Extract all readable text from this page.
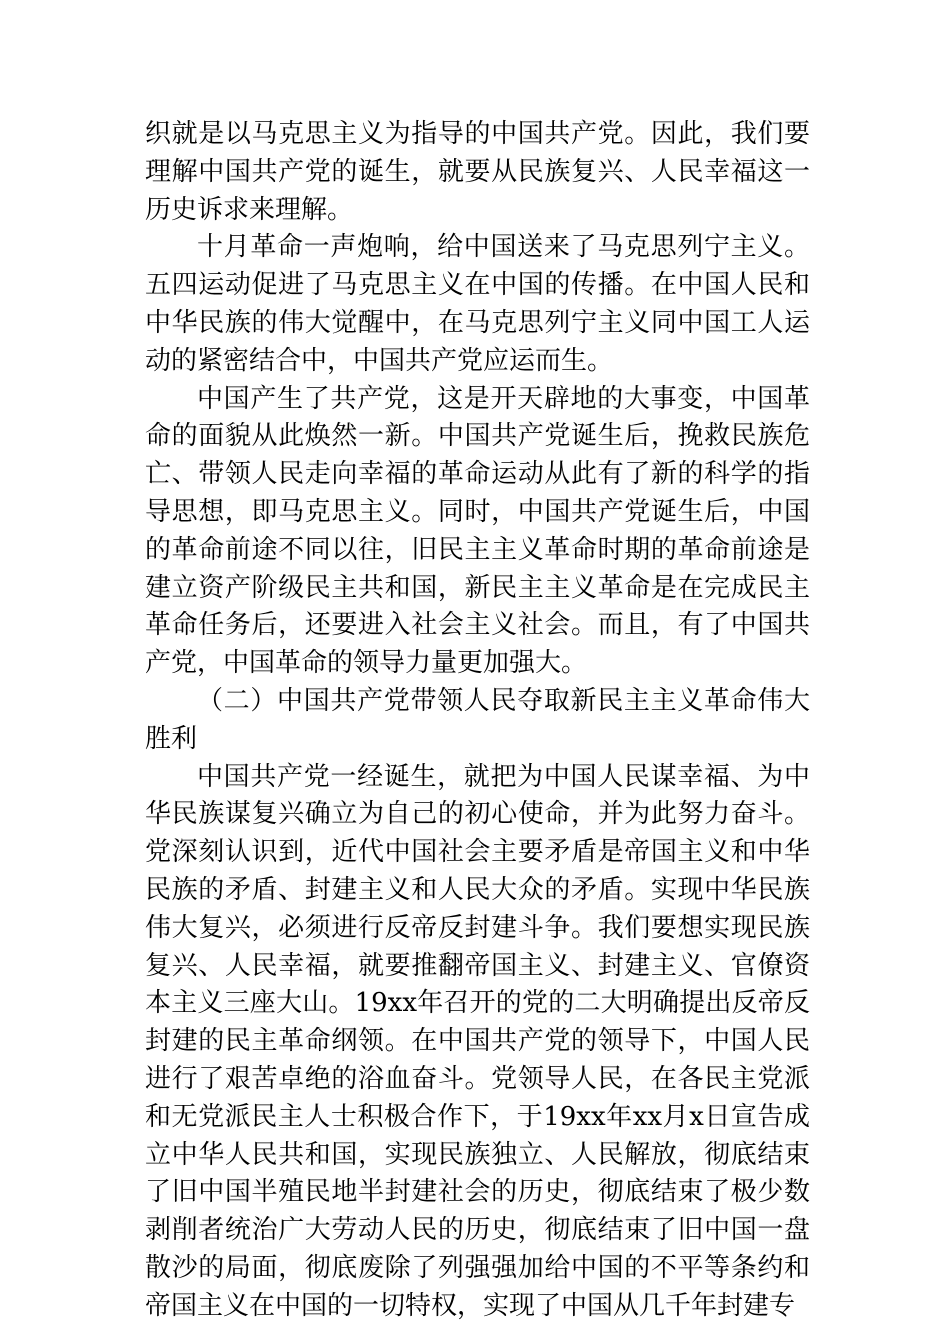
织就是以马克思主义为指导的中国共产党。因此，我们要理解中国共产党的诞生，就要从民族复兴、人民幸福这一历史诉求来理解。

十月革命一声炮响，给中国送来了马克思列宁主义。五四运动促进了马克思主义在中国的传播。在中国人民和中华民族的伟大觉醒中，在马克思列宁主义同中国工人运动的紧密结合中，中国共产党应运而生。

中国产生了共产党，这是开天辟地的大事变，中国革命的面貌从此焕然一新。中国共产党诞生后，挽救民族危亡、带领人民走向幸福的革命运动从此有了新的科学的指导思想，即马克思主义。同时，中国共产党诞生后，中国的革命前途不同以往，旧民主主义革命时期的革命前途是建立资产阶级民主共和国，新民主主义革命是在完成民主革命任务后，还要进入社会主义社会。而且，有了中国共产党，中国革命的领导力量更加强大。

（二）中国共产党带领人民夺取新民主主义革命伟大胜利

中国共产党一经诞生，就把为中国人民谋幸福、为中华民族谋复兴确立为自己的初心使命，并为此努力奋斗。党深刻认识到，近代中国社会主要矛盾是帝国主义和中华民族的矛盾、封建主义和人民大众的矛盾。实现中华民族伟大复兴，必须进行反帝反封建斗争。我们要想实现民族复兴、人民幸福，就要推翻帝国主义、封建主义、官僚资本主义三座大山。19xx年召开的党的二大明确提出反帝反封建的民主革命纲领。在中国共产党的领导下，中国人民进行了艰苦卓绝的浴血奋斗。党领导人民，在各民主党派和无党派民主人士积极合作下，于19xx年xx月x日宣告成立中华人民共和国，实现民族独立、人民解放，彻底结束了旧中国半殖民地半封建社会的历史，彻底结束了极少数剥削者统治广大劳动人民的历史，彻底结束了旧中国一盘散沙的局面，彻底废除了列强强加给中国的不平等条约和帝国主义在中国的一切特权，实现了中国从几千年封建专
